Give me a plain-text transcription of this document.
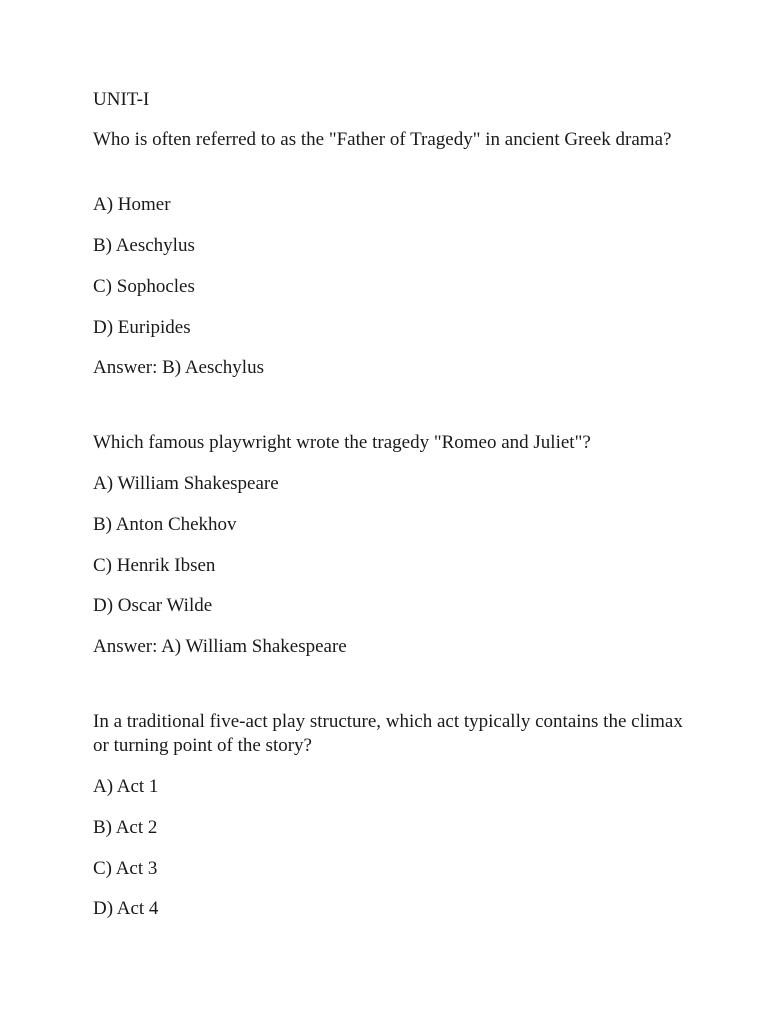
UNIT-I
Who is often referred to as the "Father of Tragedy" in ancient Greek drama?
A) Homer
B) Aeschylus
C) Sophocles
D) Euripides
Answer: B) Aeschylus
Which famous playwright wrote the tragedy "Romeo and Juliet"?
A) William Shakespeare
B) Anton Chekhov
C) Henrik Ibsen
D) Oscar Wilde
Answer: A) William Shakespeare
In a traditional five-act play structure, which act typically contains the climax or turning point of the story?
A) Act 1
B) Act 2
C) Act 3
D) Act 4
